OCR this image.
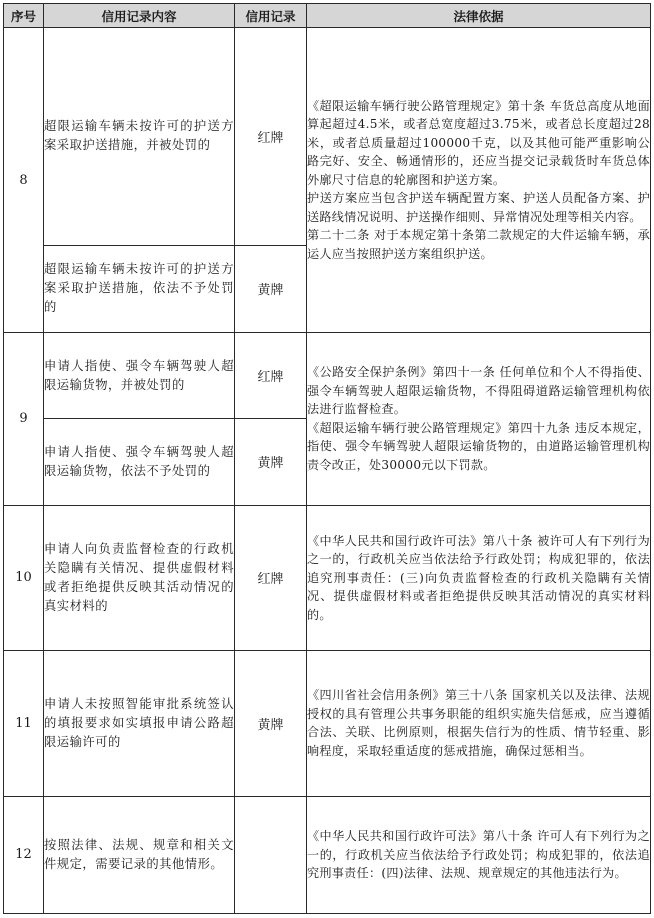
序号	信用记录内容	信用记录	法律依据
8	超限运输车辆未按许可的护送方案采取护送措施，并被处罚的	红牌	《超限运输车辆行驶公路管理规定》第十条 车货总高度从地面算起超过4.5米，或者总宽度超过3.75米，或者总长度超过28米，或者总质量超过100000千克，以及其他可能严重影响公路完好、安全、畅通情形的，还应当提交记录载货时车货总体外廓尺寸信息的轮廓图和护送方案。

护送方案应当包含护送车辆配置方案、护送人员配备方案、护送路线情况说明、护送操作细则、异常情况处理等相关内容。

第二十二条 对于本规定第十条第二款规定的大件运输车辆，承运人应当按照护送方案组织护送。

	超限运输车辆未按许可的护送方案采取护送措施，依法不予处罚的	黄牌	
9	申请人指使、强令车辆驾驶人超限运输货物，并被处罚的	红牌	《公路安全保护条例》第四十一条 任何单位和个人不得指使、强令车辆驾驶人超限运输货物，不得阻碍道路运输管理机构依法进行监督检查。

《超限运输车辆行驶公路管理规定》第四十九条 违反本规定，指使、强令车辆驾驶人超限运输货物的，由道路运输管理机构责令改正，处30000元以下罚款。

	申请人指使、强令车辆驾驶人超限运输货物，依法不予处罚的	黄牌	
10	申请人向负责监督检查的行政机关隐瞒有关情况、提供虚假材料或者拒绝提供反映其活动情况的真实材料的	红牌	《中华人民共和国行政许可法》第八十条 被许可人有下列行为之一的，行政机关应当依法给予行政处罚；构成犯罪的，依法追究刑事责任：(三)向负责监督检查的行政机关隐瞒有关情况、提供虚假材料或者拒绝提供反映其活动情况的真实材料的。

11	申请人未按照智能审批系统签认的填报要求如实填报申请公路超限运输许可的	黄牌	《四川省社会信用条例》第三十八条 国家机关以及法律、法规授权的具有管理公共事务职能的组织实施失信惩戒，应当遵循合法、关联、比例原则，根据失信行为的性质、情节轻重、影响程度，采取轻重适度的惩戒措施，确保过惩相当。

12	按照法律、法规、规章和相关文件规定，需要记录的其他情形。		《中华人民共和国行政许可法》第八十条 许可人有下列行为之一的，行政机关应当依法给予行政处罚；构成犯罪的，依法追究刑事责任：(四)法律、法规、规章规定的其他违法行为。
